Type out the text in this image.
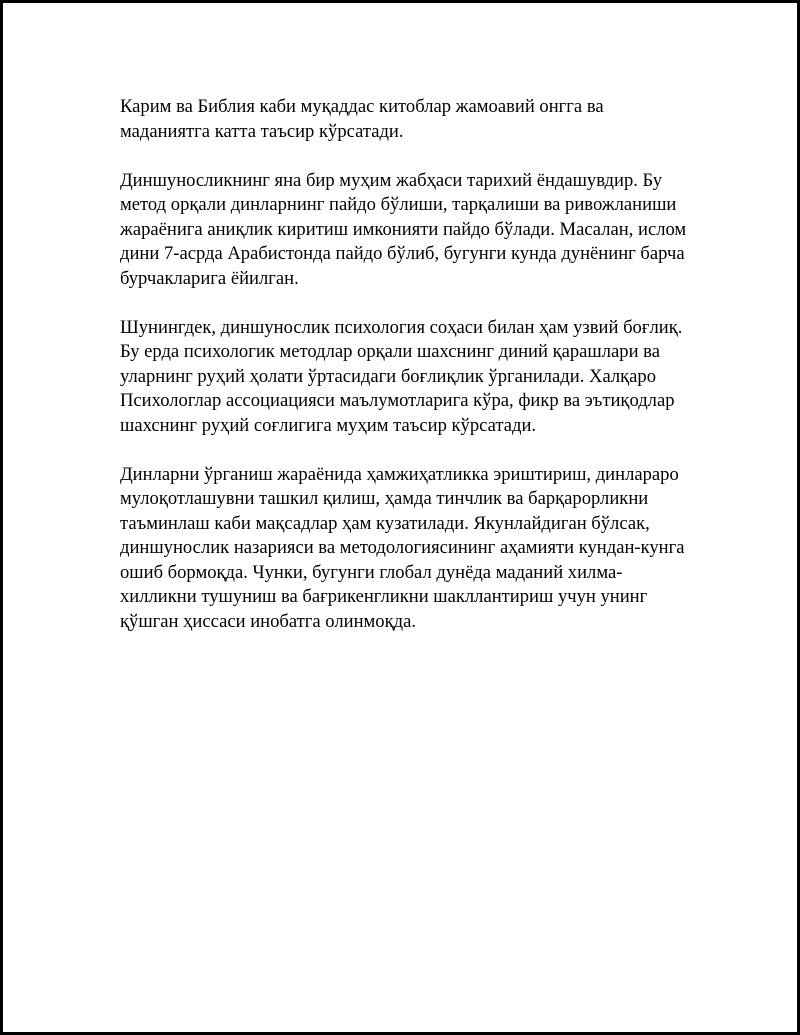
Карим ва Библия каби муқаддас китоблар жамоавий онгга ва
маданиятга катта таъсир кўрсатади.

Диншуносликнинг яна бир муҳим жабҳаси тарихий ёндашувдир. Бу
метод орқали динларнинг пайдо бўлиши, тарқалиши ва ривожланиши
жараёнига аниқлик киритиш имконияти пайдо бўлади. Масалан, ислом
дини 7-асрда Арабистонда пайдо бўлиб, бугунги кунда дунёнинг барча
бурчакларига ёйилган.

Шунингдек, диншунослик психология соҳаси билан ҳам узвий боғлиқ.
Бу ерда психологик методлар орқали шахснинг диний қарашлари ва
уларнинг руҳий ҳолати ўртасидаги боғлиқлик ўрганилади. Халқаро
Психологлар ассоциацияси маълумотларига кўра, фикр ва эътиқодлар
шахснинг руҳий соғлигига муҳим таъсир кўрсатади.

Динларни ўрганиш жараёнида ҳамжиҳатликка эриштириш, динлараро
мулоқотлашувни ташкил қилиш, ҳамда тинчлик ва барқарорликни
таъминлаш каби мақсадлар ҳам кузатилади. Якунлайдиган бўлсак,
диншунослик назарияси ва методологиясининг аҳамияти кундан-кунга
ошиб бормоқда. Чунки, бугунги глобал дунёда маданий хилма-
хилликни тушуниш ва бағрикенгликни шакллантириш учун унинг
қўшган ҳиссаси инобатга олинмоқда.
